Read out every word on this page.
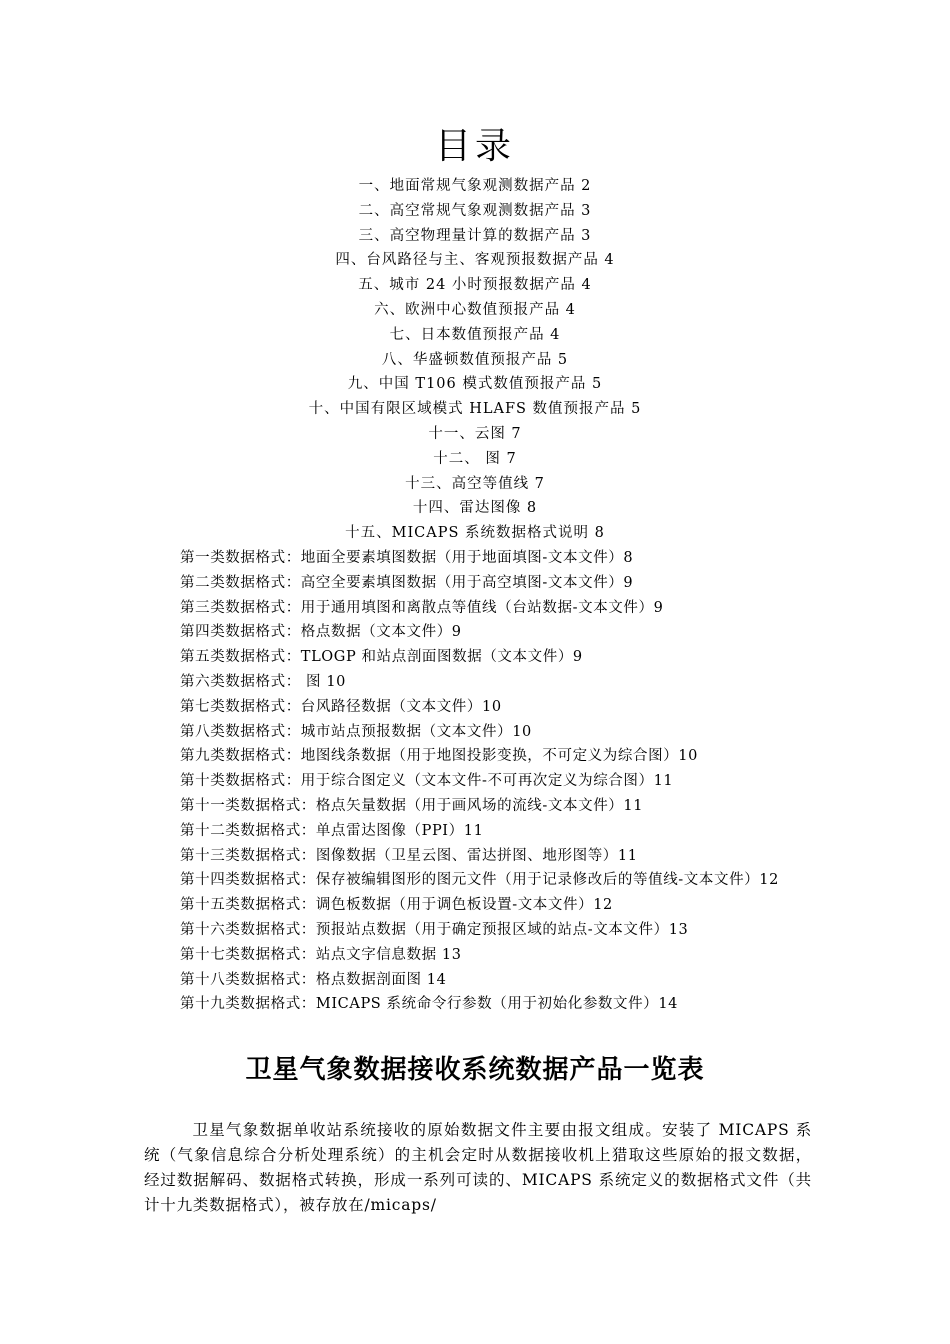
目录
一、地面常规气象观测数据产品 2
二、高空常规气象观测数据产品 3
三、高空物理量计算的数据产品 3
四、台风路径与主、客观预报数据产品 4
五、城市 24 小时预报数据产品 4
六、欧洲中心数值预报产品 4
七、日本数值预报产品 4
八、华盛顿数值预报产品 5
九、中国 T106 模式数值预报产品 5
十、中国有限区域模式 HLAFS 数值预报产品 5
十一、云图 7
十二、 图 7
十三、高空等值线 7
十四、雷达图像 8
十五、MICAPS 系统数据格式说明 8
第一类数据格式：地面全要素填图数据（用于地面填图-文本文件）8
第二类数据格式：高空全要素填图数据（用于高空填图-文本文件）9
第三类数据格式：用于通用填图和离散点等值线（台站数据-文本文件）9
第四类数据格式：格点数据（文本文件）9
第五类数据格式：TLOGP 和站点剖面图数据（文本文件）9
第六类数据格式： 图 10
第七类数据格式：台风路径数据（文本文件）10
第八类数据格式：城市站点预报数据（文本文件）10
第九类数据格式：地图线条数据（用于地图投影变换，不可定义为综合图）10
第十类数据格式：用于综合图定义（文本文件-不可再次定义为综合图）11
第十一类数据格式：格点矢量数据（用于画风场的流线-文本文件）11
第十二类数据格式：单点雷达图像（PPI）11
第十三类数据格式：图像数据（卫星云图、雷达拼图、地形图等）11
第十四类数据格式：保存被编辑图形的图元文件（用于记录修改后的等值线-文本文件）12
第十五类数据格式：调色板数据（用于调色板设置-文本文件）12
第十六类数据格式：预报站点数据（用于确定预报区域的站点-文本文件）13
第十七类数据格式：站点文字信息数据 13
第十八类数据格式：格点数据剖面图 14
第十九类数据格式：MICAPS 系统命令行参数（用于初始化参数文件）14
卫星气象数据接收系统数据产品一览表
卫星气象数据单收站系统接收的原始数据文件主要由报文组成。安装了 MICAPS 系统（气象信息综合分析处理系统）的主机会定时从数据接收机上猎取这些原始的报文数据，经过数据解码、数据格式转换，形成一系列可读的、MICAPS 系统定义的数据格式文件（共计十九类数据格式），被存放在/micaps/
